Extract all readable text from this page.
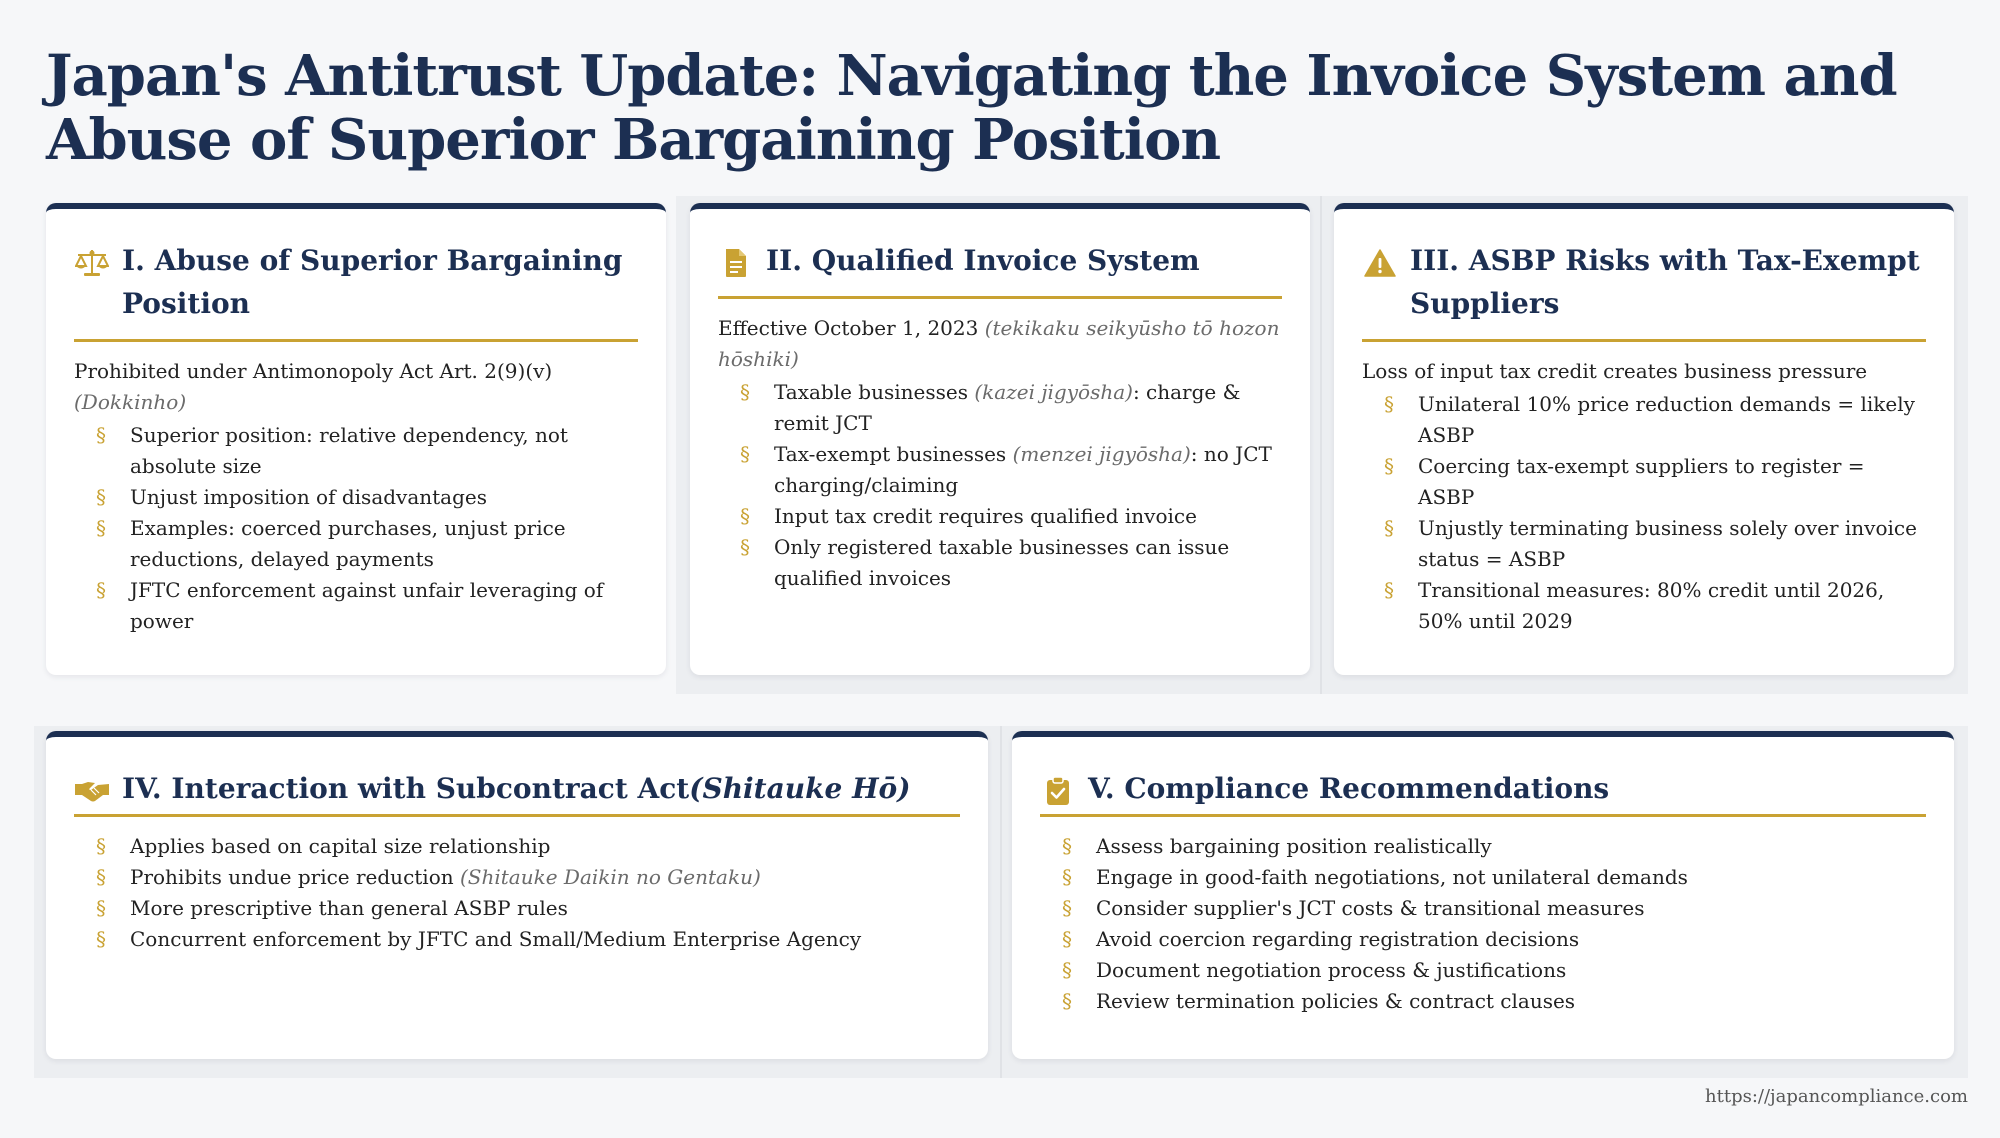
Japan's Antitrust Update: Navigating the Invoice System and Abuse of Superior Bargaining Position
I. Abuse of Superior Bargaining Position

Prohibited under Antimonopoly Act Art. 2(9)(v) (Dokkinho)

§ Superior position: relative dependency, not absolute size
§ Unjust imposition of disadvantages
§ Examples: coerced purchases, unjust price reductions, delayed payments
§ JFTC enforcement against unfair leveraging of power
II. Qualified Invoice System

Effective October 1, 2023 (tekikaku seikyūsho tō hozon hōshiki)

§ Taxable businesses (kazei jigyōsha): charge & remit JCT
§ Tax-exempt businesses (menzei jigyōsha): no JCT charging/claiming
§ Input tax credit requires qualified invoice
§ Only registered taxable businesses can issue qualified invoices
III. ASBP Risks with Tax-Exempt Suppliers

Loss of input tax credit creates business pressure

§ Unilateral 10% price reduction demands = likely ASBP
§ Coercing tax-exempt suppliers to register = ASBP
§ Unjustly terminating business solely over invoice status = ASBP
§ Transitional measures: 80% credit until 2026, 50% until 2029
IV. Interaction with Subcontract Act(Shitauke Hō)
§ Applies based on capital size relationship
§ Prohibits undue price reduction (Shitauke Daikin no Gentaku)
§ More prescriptive than general ASBP rules
§ Concurrent enforcement by JFTC and Small/Medium Enterprise Agency
V. Compliance Recommendations
§ Assess bargaining position realistically
§ Engage in good-faith negotiations, not unilateral demands
§ Consider supplier's JCT costs & transitional measures
§ Avoid coercion regarding registration decisions
§ Document negotiation process & justifications
§ Review termination policies & contract clauses
https://japancompliance.com
